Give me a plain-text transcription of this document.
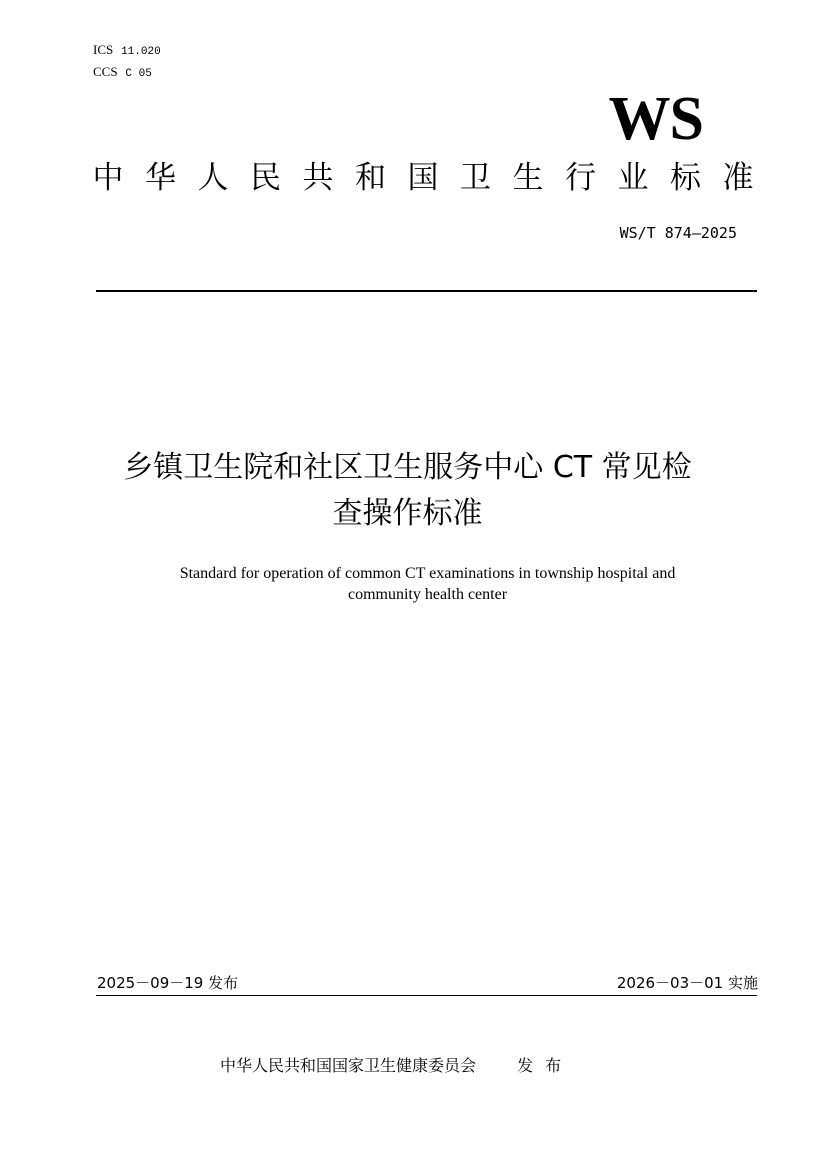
ICS 11.020
CCS C 05
WS
中 华 人 民 共 和 国 卫 生 行 业 标 准
WS/T 874—2025
乡镇卫生院和社区卫生服务中心 CT 常见检
查操作标准
Standard for operation of common CT examinations in township hospital and
community health center
2025－09－19 发布	2026－03－01 实施
中华人民共和国国家卫生健康委员会	发布
